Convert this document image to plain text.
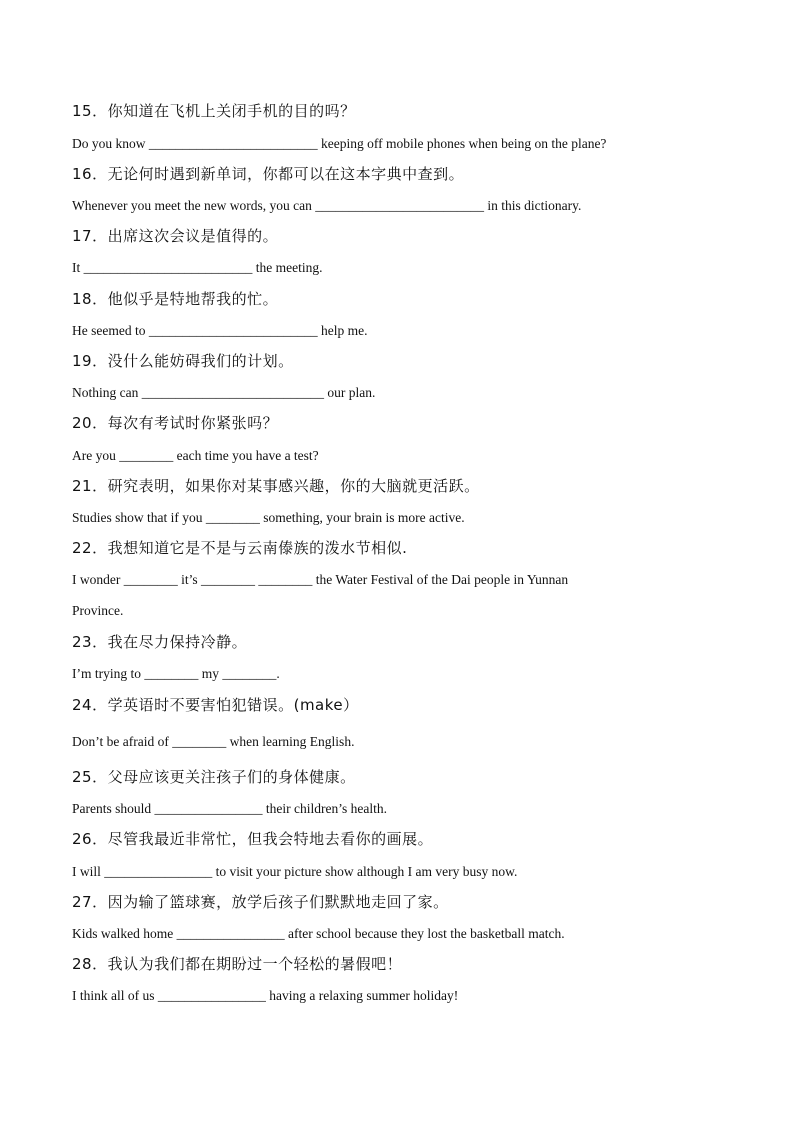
15．你知道在飞机上关闭手机的目的吗？
Do you know _________________________ keeping off mobile phones when being on the plane?
16．无论何时遇到新单词，你都可以在这本字典中查到。
Whenever you meet the new words, you can _________________________ in this dictionary.
17．出席这次会议是值得的。
It _________________________ the meeting.
18．他似乎是特地帮我的忙。
He seemed to _________________________ help me.
19．没什么能妨碍我们的计划。
Nothing can ___________________________ our plan.
20．每次有考试时你紧张吗？
Are you ________ each time you have a test?
21．研究表明，如果你对某事感兴趣，你的大脑就更活跃。
Studies show that if you ________ something, your brain is more active.
22．我想知道它是不是与云南傣族的泼水节相似.
I wonder ________ it’s ________ ________ the Water Festival of the Dai people in Yunnan
Province.
23．我在尽力保持冷静。
I’m trying to ________ my ________.
24．学英语时不要害怕犯错误。(make）
Don’t be afraid of ________ when learning English.
25．父母应该更关注孩子们的身体健康。
Parents should ________________ their children’s health.
26．尽管我最近非常忙，但我会特地去看你的画展。
I will ________________ to visit your picture show although I am very busy now.
27．因为输了篮球赛，放学后孩子们默默地走回了家。
Kids walked home ________________ after school because they lost the basketball match.
28．我认为我们都在期盼过一个轻松的暑假吧！
I think all of us ________________ having a relaxing summer holiday!
